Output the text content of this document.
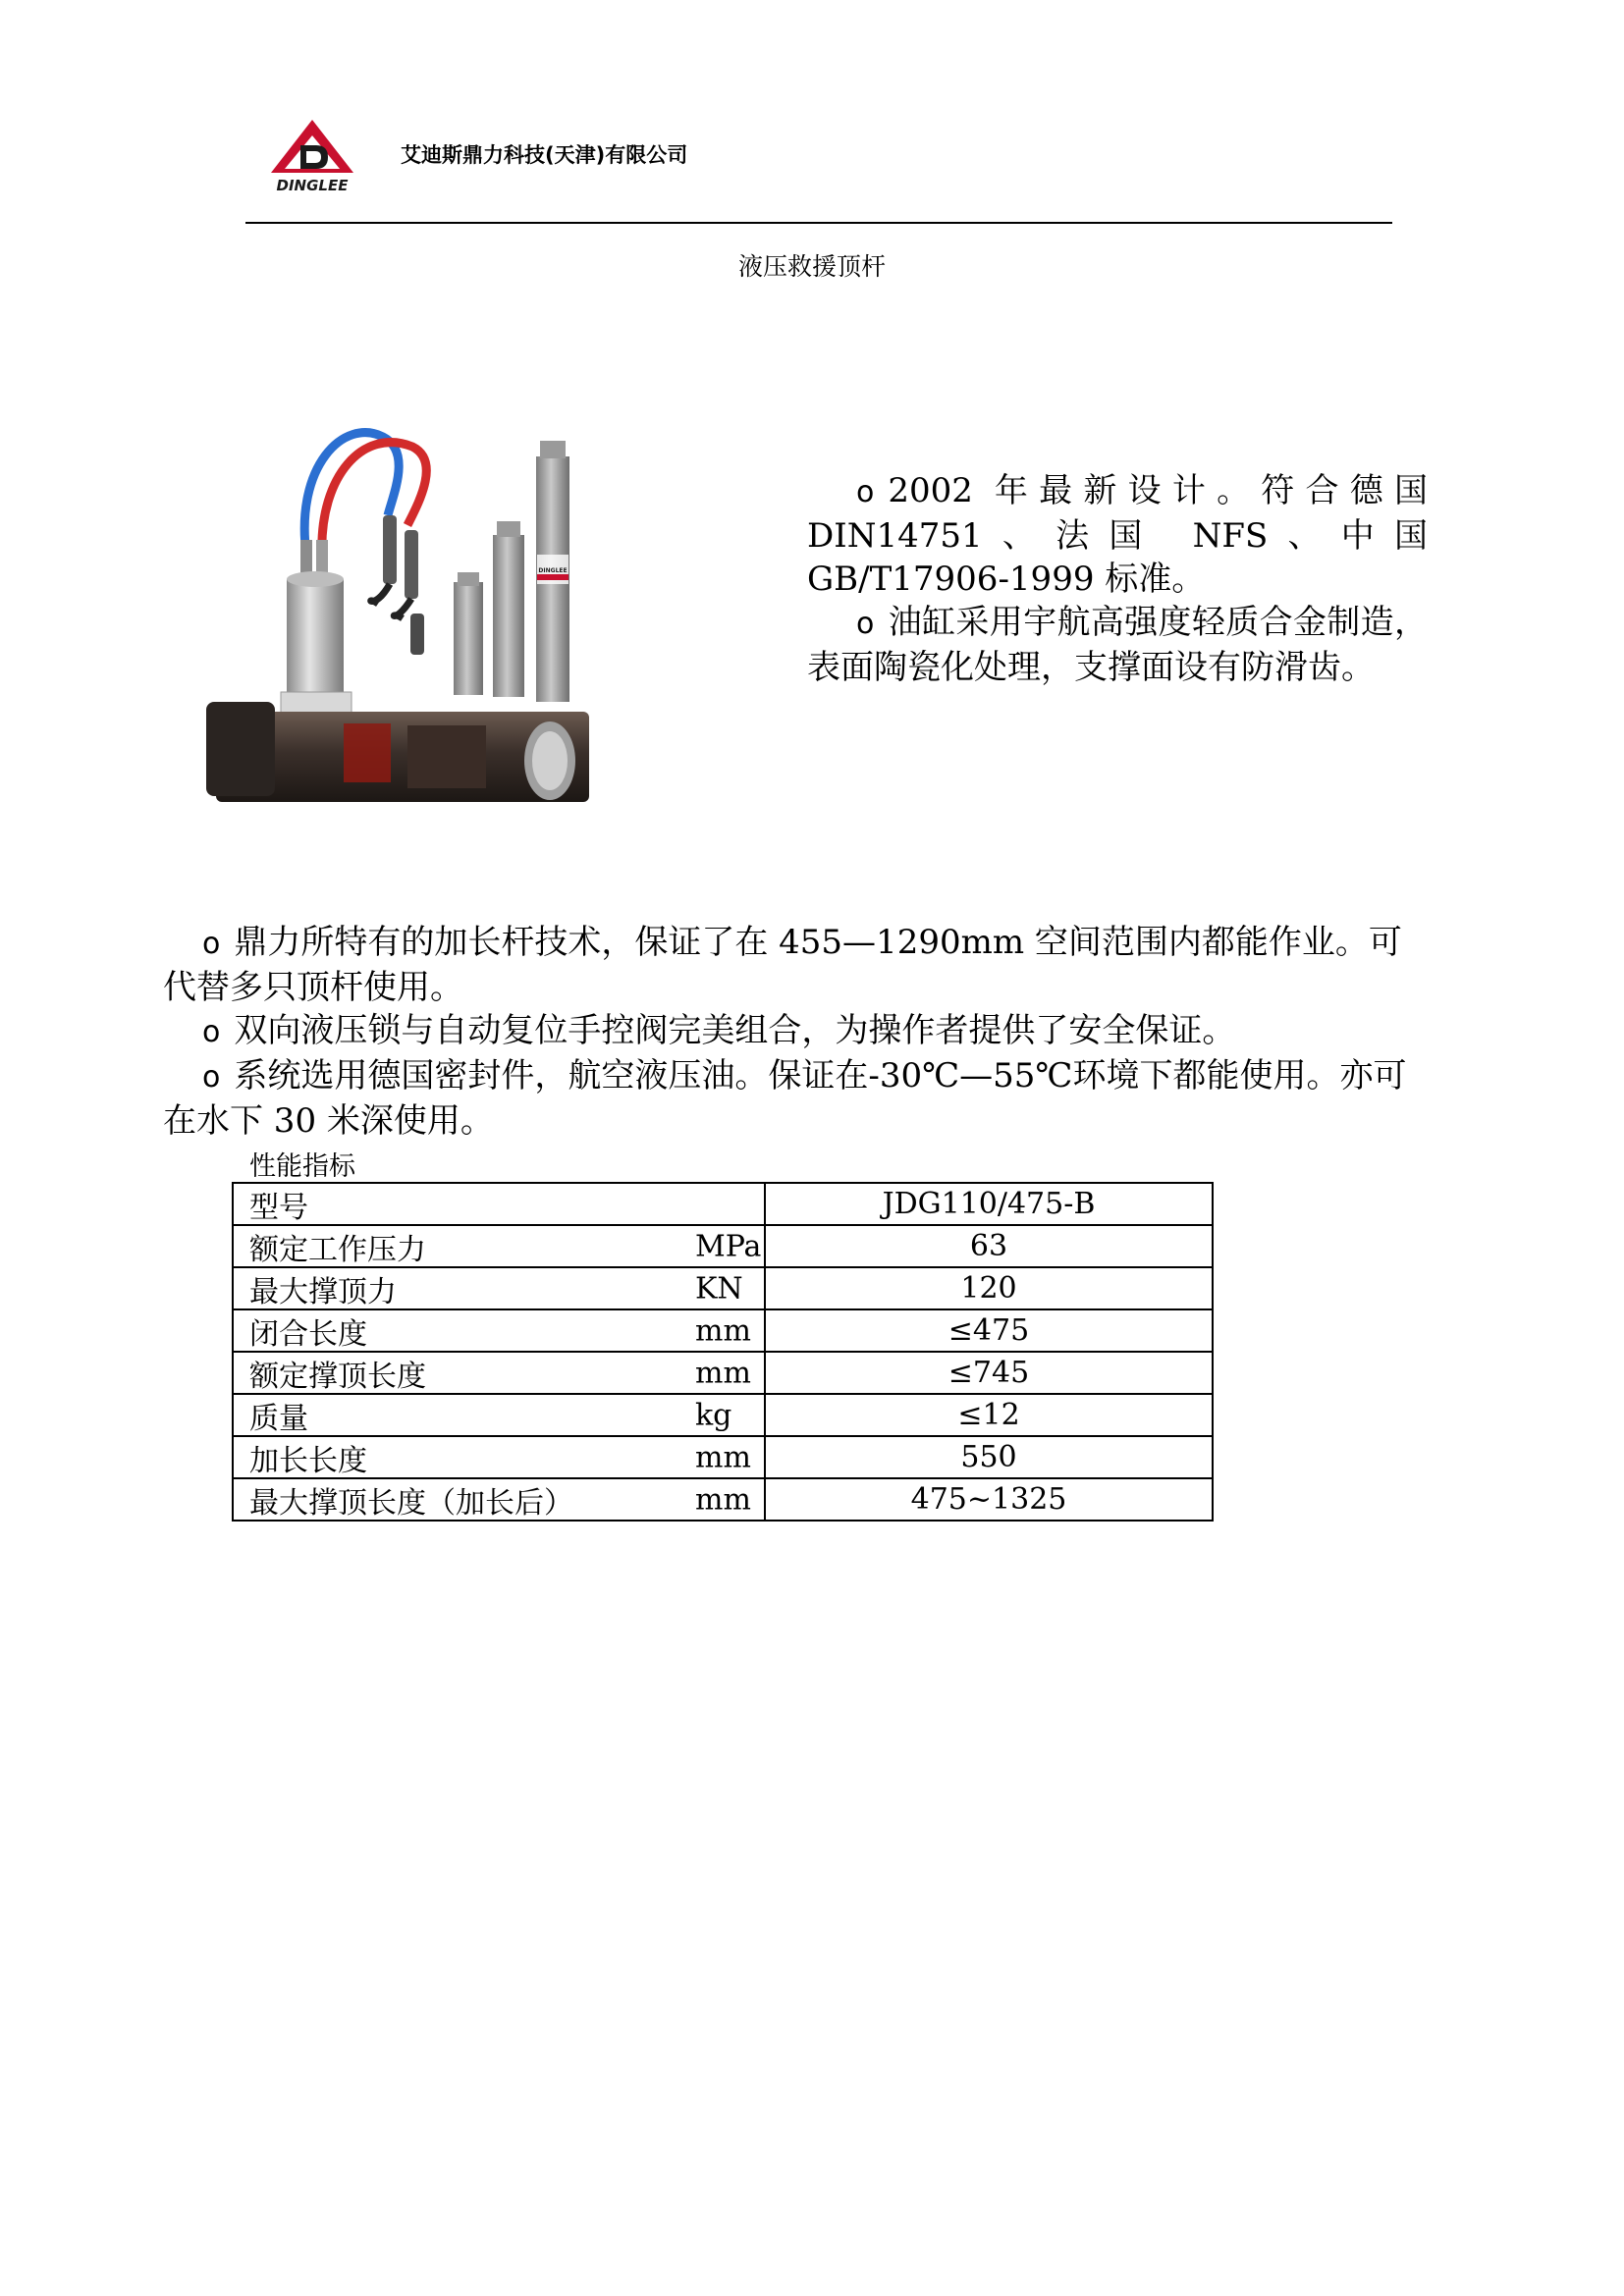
DINGLEE
艾迪斯鼎力科技(天津)有限公司
液压救援顶杆
DINGLEE

o 2002 年最新设计。符合德国 DIN14751、法国 NFS、中国 GB/T17906-1999 标准。

o 油缸采用宇航高强度轻质合金制造，表面陶瓷化处理，支撑面设有防滑齿。

o 鼎力所特有的加长杆技术，保证了在 455—1290mm 空间范围内都能作业。可代替多只顶杆使用。

o 双向液压锁与自动复位手控阀完美组合，为操作者提供了安全保证。

o 系统选用德国密封件，航空液压油。保证在-30℃—55℃环境下都能使用。亦可在水下 30 米深使用。

性能指标
型号	JDG110/475-B

额定工作压力 MPa	63

最大撑顶力 KN	120

闭合长度 mm	≤475

额定撑顶长度 mm	≤745

质量 kg	≤12

加长长度 mm	550

最大撑顶长度（加长后） mm	475~1325
